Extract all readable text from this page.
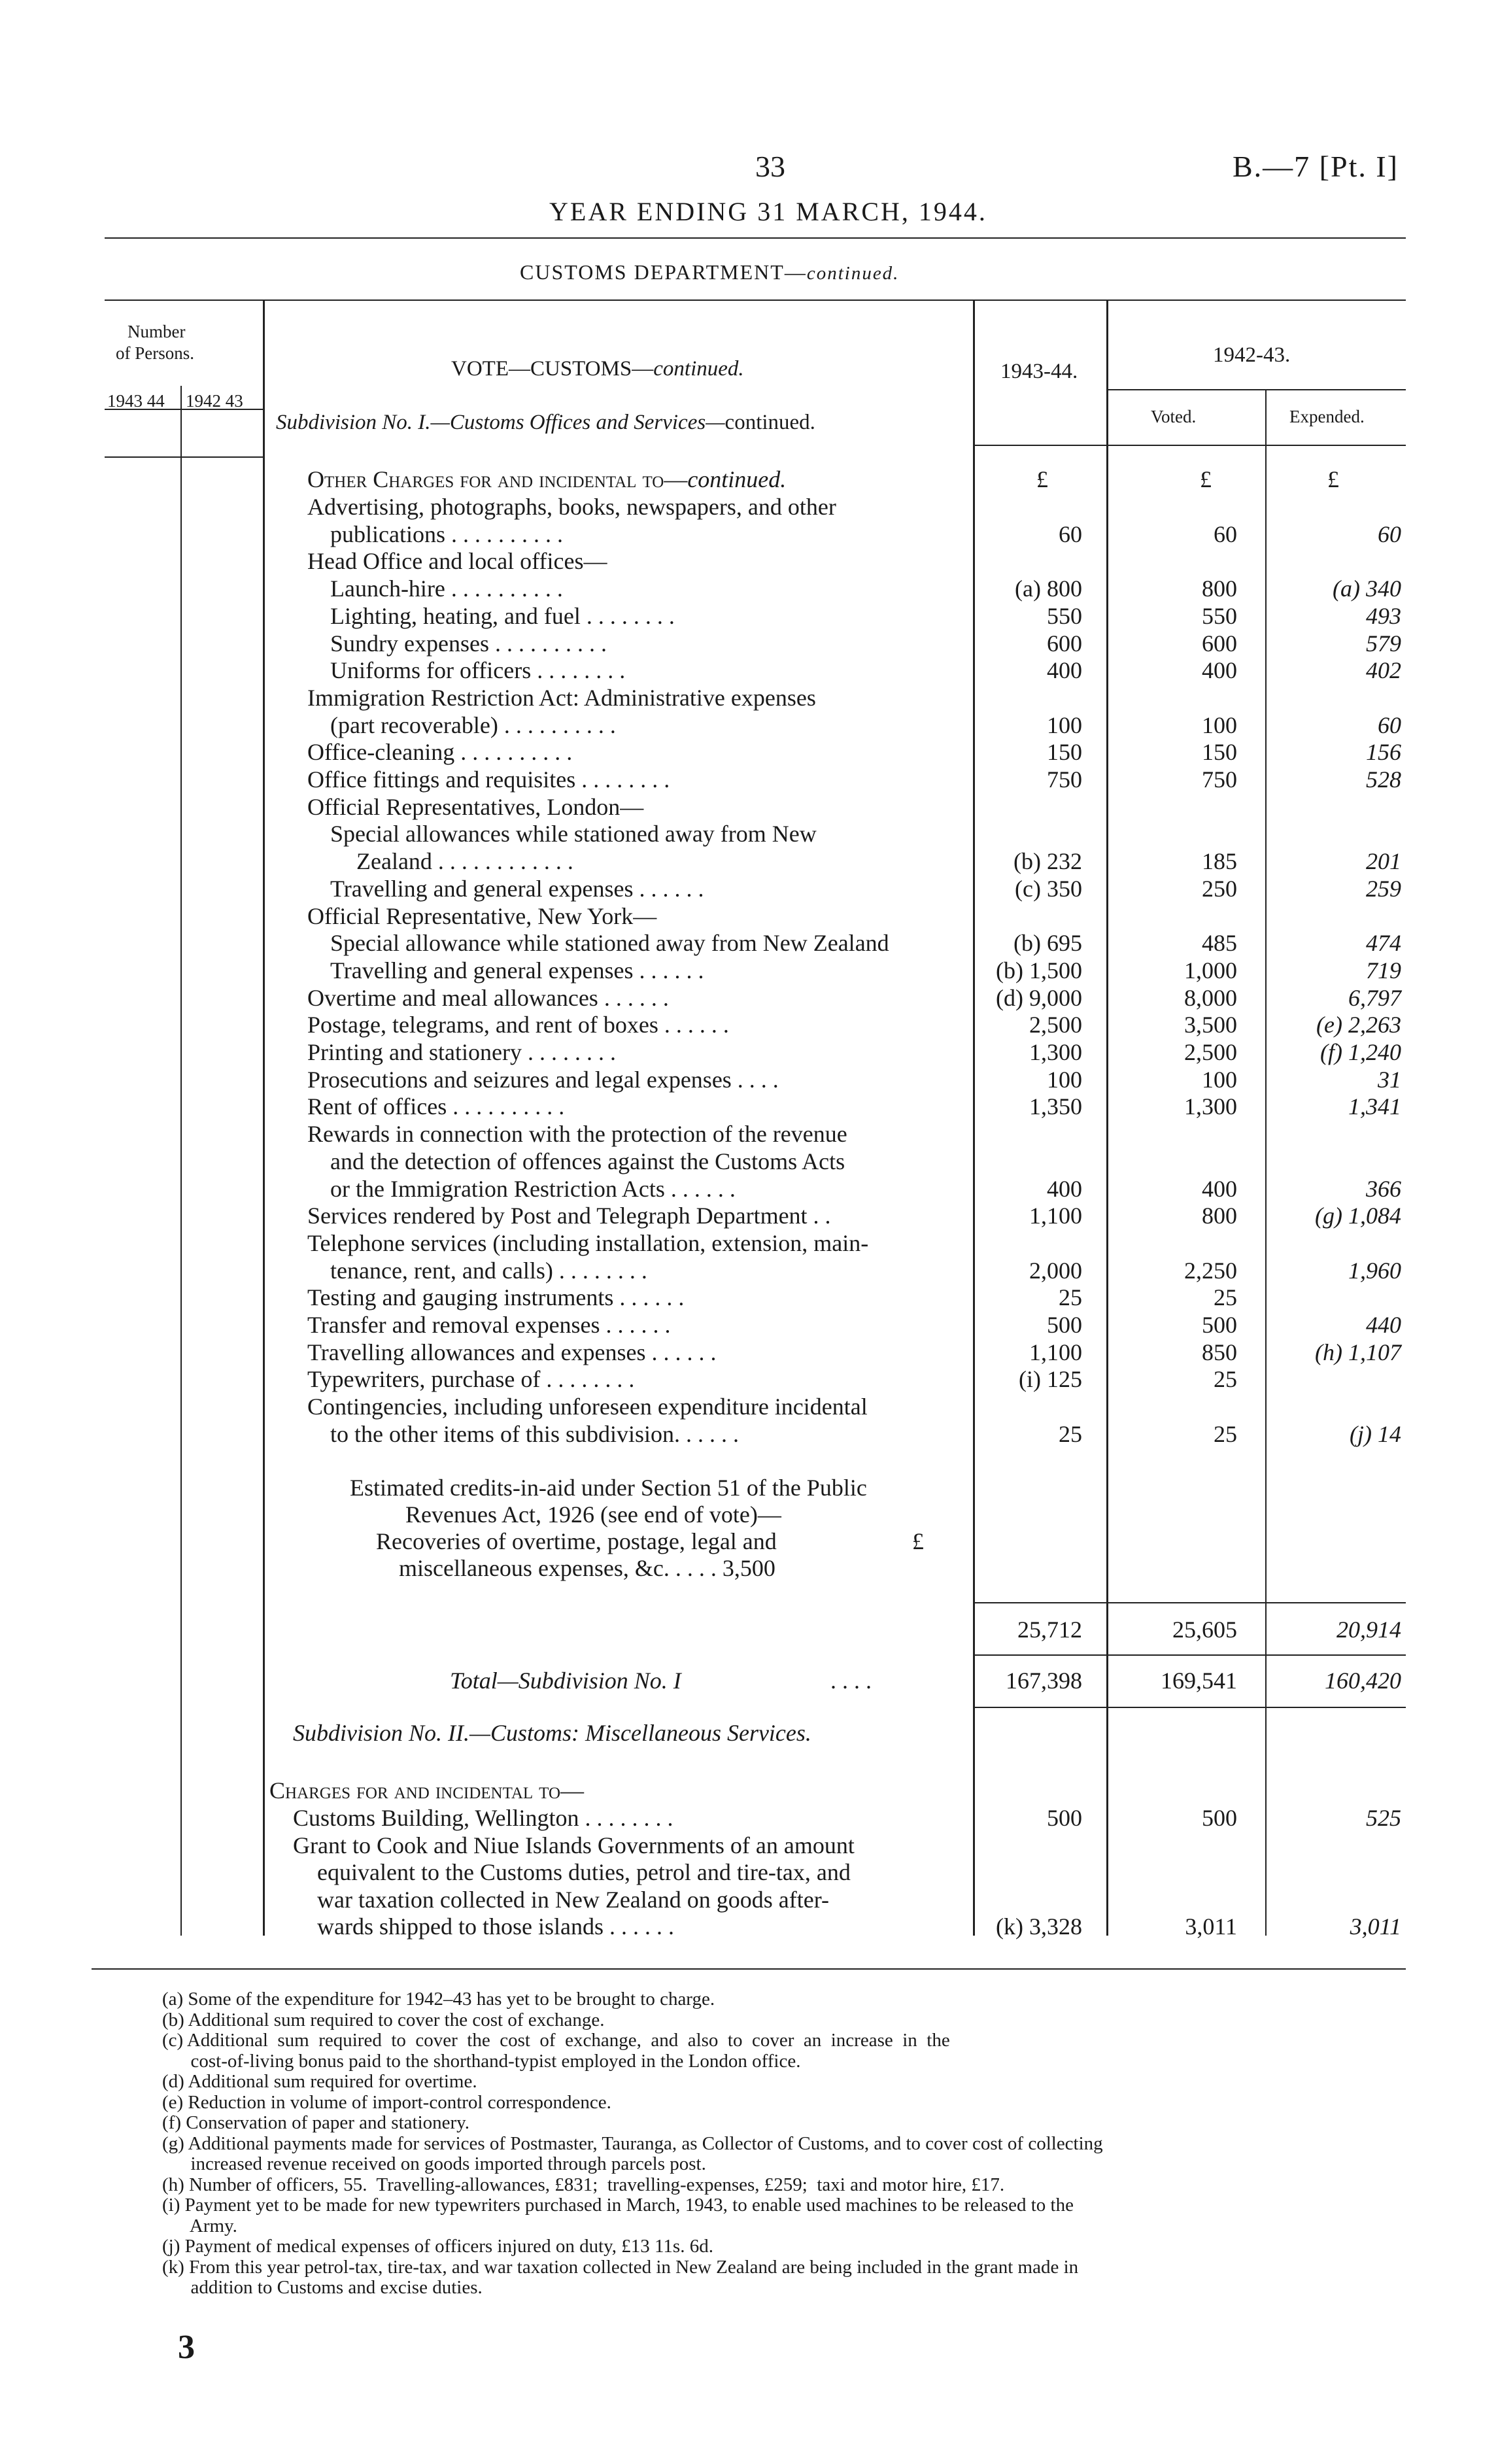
33	B.—7 [Pt. I]
YEAR ENDING 31 MARCH, 1944.
CUSTOMS DEPARTMENT—continued.
Number
of Persons.
1943 44 1942 43
VOTE—CUSTOMS—continued.
Subdivision No. I.—Customs Offices and Services—continued.
1943-44.
1942-43.
Voted.	Expended.
Other Charges for and incidental to—continued.	£	£	£
Advertising, photographs, books, newspapers, and other
publications . . . . . . . . . .	60	60	60
Head Office and local offices—
Launch-hire . . . . . . . . . .	(a) 800	800	(a) 340
Lighting, heating, and fuel . . . . . . . .	550	550	493
Sundry expenses . . . . . . . . . .	600	600	579
Uniforms for officers . . . . . . . .	400	400	402
Immigration Restriction Act: Administrative expenses
(part recoverable) . . . . . . . . . .	100	100	60
Office-cleaning . . . . . . . . . .	150	150	156
Office fittings and requisites . . . . . . . .	750	750	528
Official Representatives, London—
Special allowances while stationed away from New
Zealand . . . . . . . . . . . .	(b) 232	185	201
Travelling and general expenses . . . . . .	(c) 350	250	259
Official Representative, New York—
Special allowance while stationed away from New Zealand	(b) 695	485	474
Travelling and general expenses . . . . . .	(b) 1,500	1,000	719
Overtime and meal allowances . . . . . .	(d) 9,000	8,000	6,797
Postage, telegrams, and rent of boxes . . . . . .	2,500	3,500	(e) 2,263
Printing and stationery . . . . . . . .	1,300	2,500	(f) 1,240
Prosecutions and seizures and legal expenses . . . .	100	100	31
Rent of offices . . . . . . . . . .	1,350	1,300	1,341
Rewards in connection with the protection of the revenue
and the detection of offences against the Customs Acts
or the Immigration Restriction Acts . . . . . .	400	400	366
Services rendered by Post and Telegraph Department . .	1,100	800	(g) 1,084
Telephone services (including installation, extension, main-
tenance, rent, and calls) . . . . . . . .	2,000	2,250	1,960
Testing and gauging instruments . . . . . .	25	25
Transfer and removal expenses . . . . . .	500	500	440
Travelling allowances and expenses . . . . . .	1,100	850	(h) 1,107
Typewriters, purchase of . . . . . . . .	(i) 125	25
Contingencies, including unforeseen expenditure incidental
to the other items of this subdivision. . . . . .	25	25	(j) 14
Estimated credits-in-aid under Section 51 of the Public
Revenues Act, 1926 (see end of vote)—
Recoveries of overtime, postage, legal and	£
miscellaneous expenses, &c. . . . . 3,500
25,712	25,605	20,914
Total—Subdivision No. I	. . . .	167,398	169,541	160,420
Subdivision No. II.—Customs: Miscellaneous Services.
Charges for and incidental to—
Customs Building, Wellington . . . . . . . .	500	500	525
Grant to Cook and Niue Islands Governments of an amount
equivalent to the Customs duties, petrol and tire-tax, and
war taxation collected in New Zealand on goods after-
wards shipped to those islands . . . . . .	(k) 3,328	3,011	3,011
(a) Some of the expenditure for 1942–43 has yet to be brought to charge.
(b) Additional sum required to cover the cost of exchange.
(c) Additional  sum  required  to  cover  the  cost  of  exchange,  and  also  to  cover  an  increase  in  the
cost-of-living bonus paid to the shorthand-typist employed in the London office.
(d) Additional sum required for overtime.
(e) Reduction in volume of import-control correspondence.
(f) Conservation of paper and stationery.
(g) Additional payments made for services of Postmaster, Tauranga, as Collector of Customs, and to cover cost of collecting
increased revenue received on goods imported through parcels post.
(h) Number of officers, 55.  Travelling-allowances, £831;  travelling-expenses, £259;  taxi and motor hire, £17.
(i) Payment yet to be made for new typewriters purchased in March, 1943, to enable used machines to be released to the
Army.
(j) Payment of medical expenses of officers injured on duty, £13 11s. 6d.
(k) From this year petrol-tax, tire-tax, and war taxation collected in New Zealand are being included in the grant made in
addition to Customs and excise duties.
3
